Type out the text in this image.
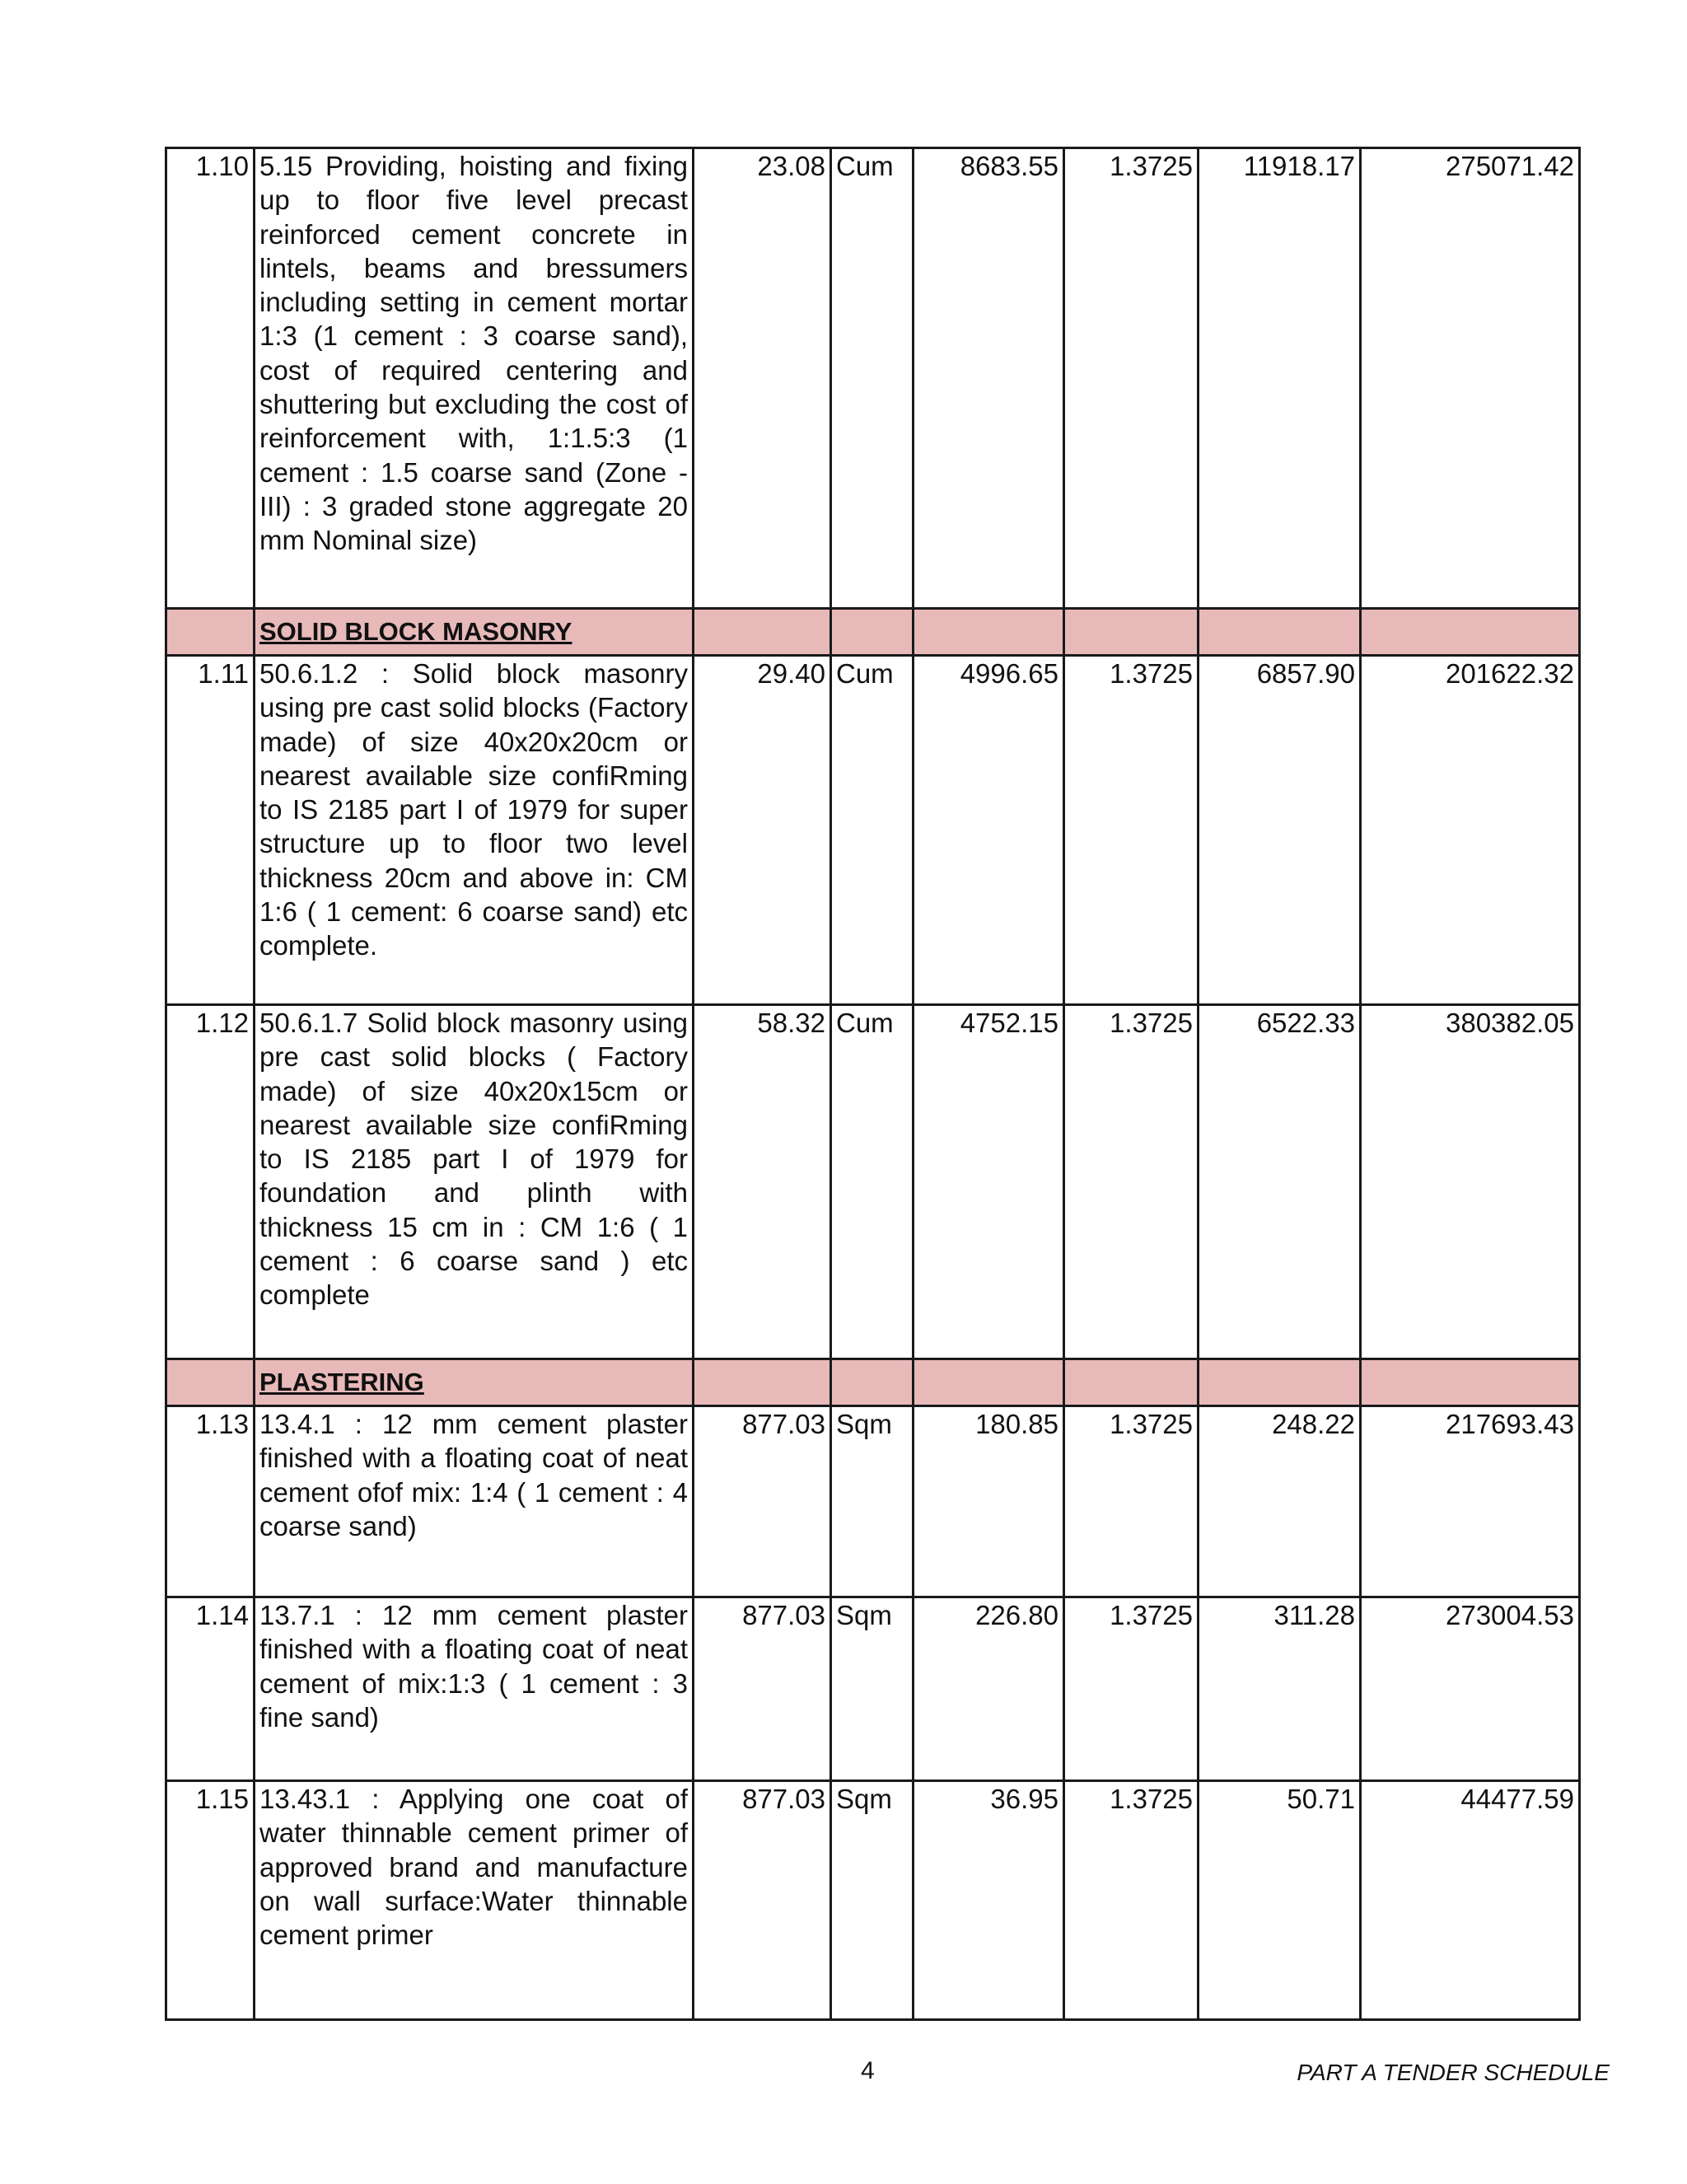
1.10	5.15 Providing, hoisting and fixing up to floor five level precast reinforced cement concrete in lintels, beams and bressumers including setting in cement mortar 1:3 (1 cement : 3 coarse sand), cost of required centering and shuttering but excluding the cost of reinforcement with, 1:1.5:3 (1 cement : 1.5 coarse sand (Zone - III) : 3 graded stone aggregate 20 mm Nominal size)	23.08	Cum	8683.55	1.3725	11918.17	275071.42
	SOLID BLOCK MASONRY						
1.11	50.6.1.2 : Solid block masonry using pre cast solid blocks (Factory made) of size 40x20x20cm or nearest available size confiRming to IS 2185 part I of 1979 for super structure up to floor two level thickness 20cm and above in: CM 1:6 ( 1 cement: 6 coarse sand) etc complete.	29.40	Cum	4996.65	1.3725	6857.90	201622.32
1.12	50.6.1.7 Solid block masonry using pre cast solid blocks ( Factory made) of size 40x20x15cm or nearest available size confiRming to IS 2185 part I of 1979 for foundation and plinth with thickness 15 cm in : CM 1:6 ( 1 cement : 6 coarse sand ) etc complete	58.32	Cum	4752.15	1.3725	6522.33	380382.05
	PLASTERING						
1.13	13.4.1 : 12 mm cement plaster finished with a floating coat of neat cement ofof mix: 1:4 ( 1 cement : 4 coarse sand)	877.03	Sqm	180.85	1.3725	248.22	217693.43
1.14	13.7.1 : 12 mm cement plaster finished with a floating coat of neat cement of mix:1:3 ( 1 cement : 3 fine sand)	877.03	Sqm	226.80	1.3725	311.28	273004.53
1.15	13.43.1 : Applying one coat of water thinnable cement primer of approved brand and manufacture on wall surface:Water thinnable cement primer	877.03	Sqm	36.95	1.3725	50.71	44477.59
4	PART A TENDER SCHEDULE
